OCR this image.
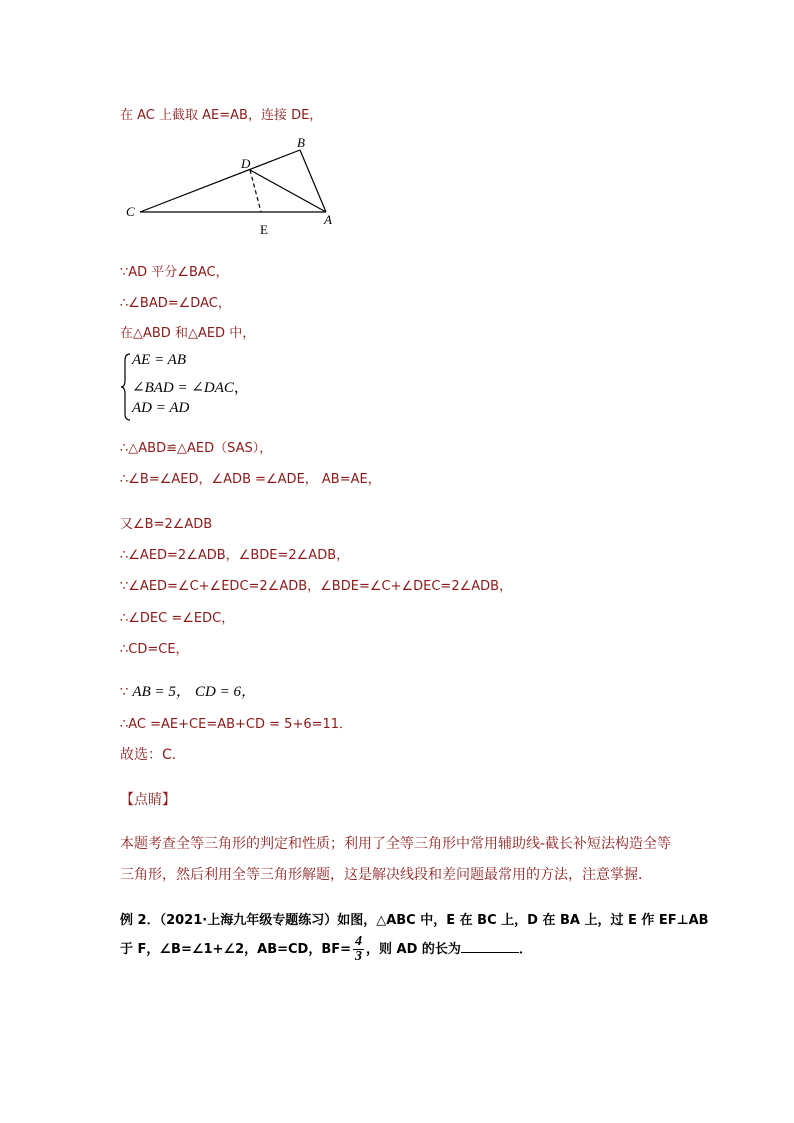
在 AC 上截取 AE=AB，连接 DE，
C
B
D
A
E
∵AD 平分∠BAC，
∴∠BAD=∠DAC，
在△ABD 和△AED 中，
AE = AB
∠BAD = ∠DAC，
AD = AD
∴△ABD≌△AED（SAS），
∴∠B=∠AED，∠ADB =∠ADE， AB=AE，
又∠B=2∠ADB
∴∠AED=2∠ADB，∠BDE=2∠ADB，
∵∠AED=∠C+∠EDC=2∠ADB，∠BDE=∠C+∠DEC=2∠ADB，
∴∠DEC =∠EDC，
∴CD=CE，
∵ AB = 5， CD = 6，
∴AC =AE+CE=AB+CD = 5+6=11．
故选：C．
【点睛】
本题考查全等三角形的判定和性质；利用了全等三角形中常用辅助线-截长补短法构造全等
三角形，然后利用全等三角形解题，这是解决线段和差问题最常用的方法，注意掌握．
例 2．（2021·上海九年级专题练习）如图，△ABC 中，E 在 BC 上，D 在 BA 上，过 E 作 EF⊥AB
于 F，∠B=∠1+∠2，AB=CD，$BF= \frac{4}{3}$ ，则 AD 的长为	．
